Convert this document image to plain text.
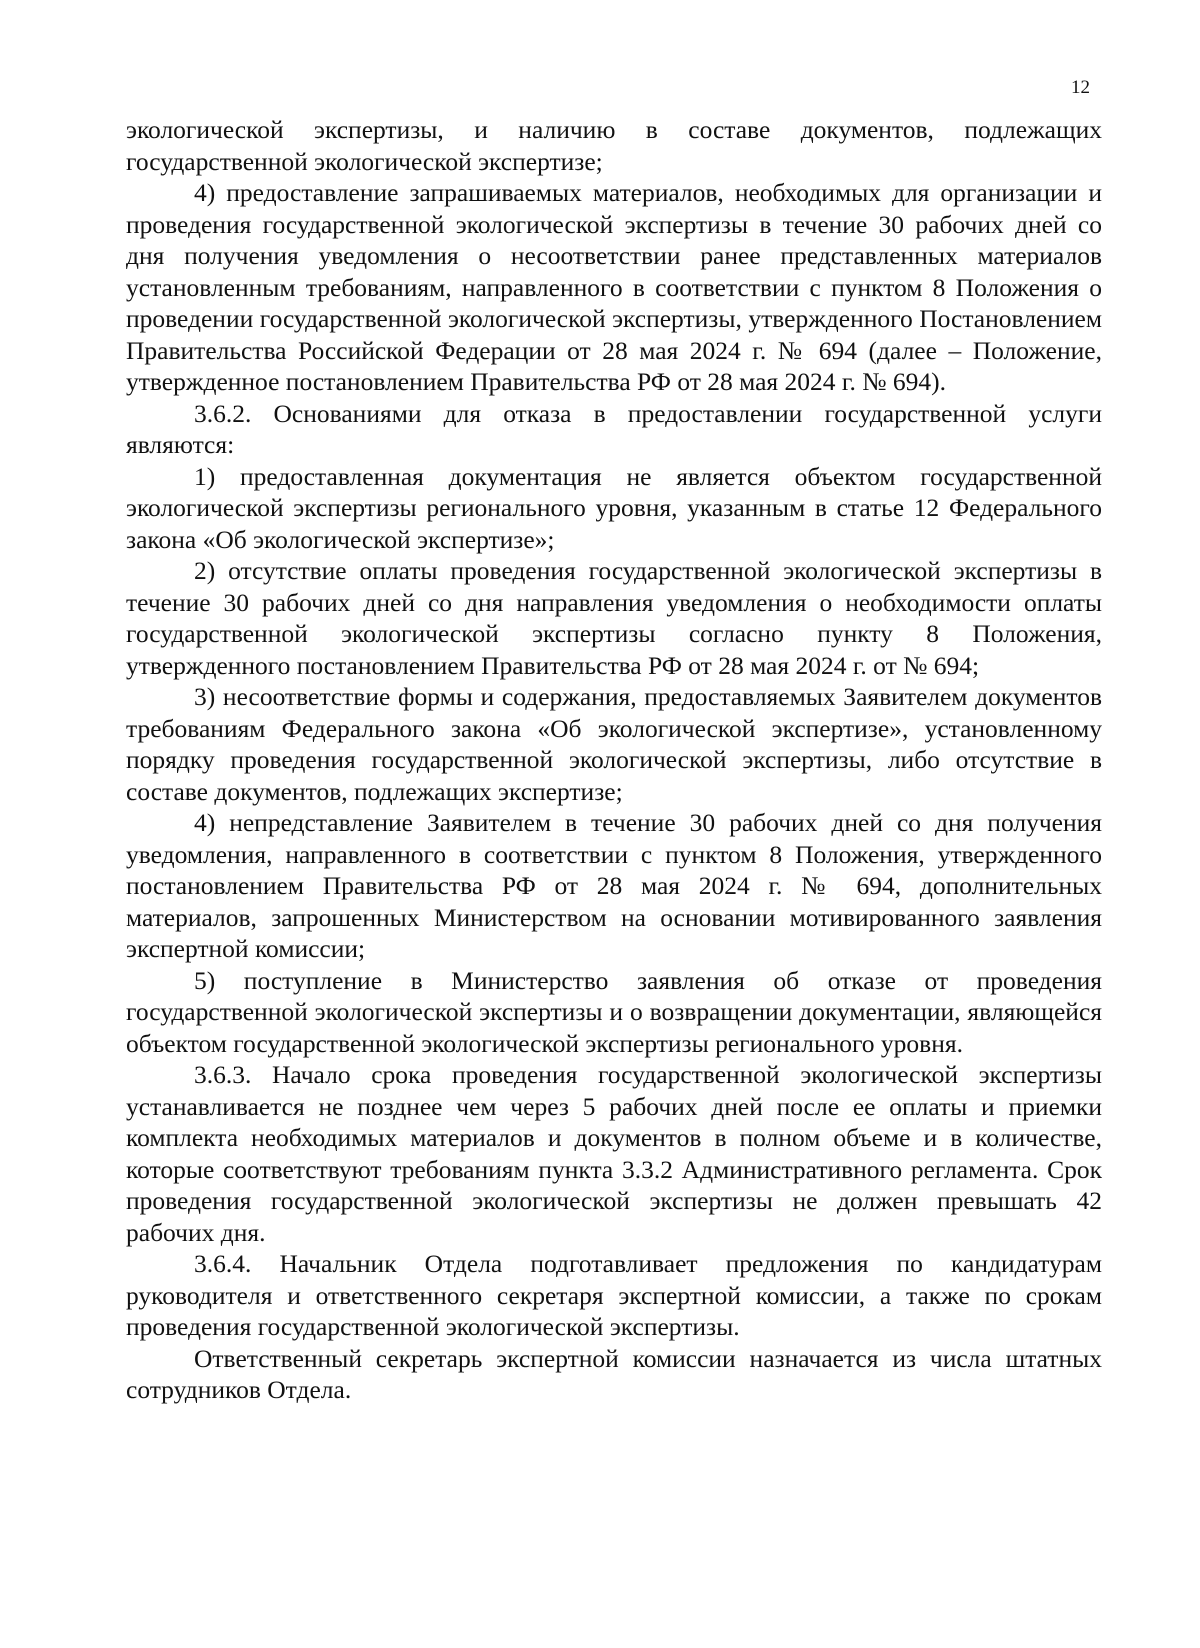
12

экологической экспертизы, и наличию в составе документов, подлежащих государственной экологической экспертизе;

4) предоставление запрашиваемых материалов, необходимых для организации и проведения государственной экологической экспертизы в течение 30 рабочих дней со дня получения уведомления о несоответствии ранее представленных материалов установленным требованиям, направленного в соответствии с пунктом 8 Положения о проведении государственной экологической экспертизы, утвержденного Постановлением Правительства Российской Федерации от 28 мая 2024 г. № 694 (далее – Положение, утвержденное постановлением Правительства РФ от 28 мая 2024 г. № 694).

3.6.2. Основаниями для отказа в предоставлении государственной услуги являются:

1) предоставленная документация не является объектом государственной экологической экспертизы регионального уровня, указанным в статье 12 Федерального закона «Об экологической экспертизе»;

2) отсутствие оплаты проведения государственной экологической экспертизы в течение 30 рабочих дней со дня направления уведомления о необходимости оплаты государственной экологической экспертизы согласно пункту 8 Положения, утвержденного постановлением Правительства РФ от 28 мая 2024 г. от № 694;

3) несоответствие формы и содержания, предоставляемых Заявителем документов требованиям Федерального закона «Об экологической экспертизе», установленному порядку проведения государственной экологической экспертизы, либо отсутствие в составе документов, подлежащих экспертизе;

4) непредставление Заявителем в течение 30 рабочих дней со дня получения уведомления, направленного в соответствии с пунктом 8 Положения, утвержденного постановлением Правительства РФ от 28 мая 2024 г. № 694, дополнительных материалов, запрошенных Министерством на основании мотивированного заявления экспертной комиссии;

5) поступление в Министерство заявления об отказе от проведения государственной экологической экспертизы и о возвращении документации, являющейся объектом государственной экологической экспертизы регионального уровня.

3.6.3. Начало срока проведения государственной экологической экспертизы устанавливается не позднее чем через 5 рабочих дней после ее оплаты и приемки комплекта необходимых материалов и документов в полном объеме и в количестве, которые соответствуют требованиям пункта 3.3.2 Административного регламента. Срок проведения государственной экологической экспертизы не должен превышать 42 рабочих дня.

3.6.4. Начальник Отдела подготавливает предложения по кандидатурам руководителя и ответственного секретаря экспертной комиссии, а также по срокам проведения государственной экологической экспертизы.

Ответственный секретарь экспертной комиссии назначается из числа штатных сотрудников Отдела.
